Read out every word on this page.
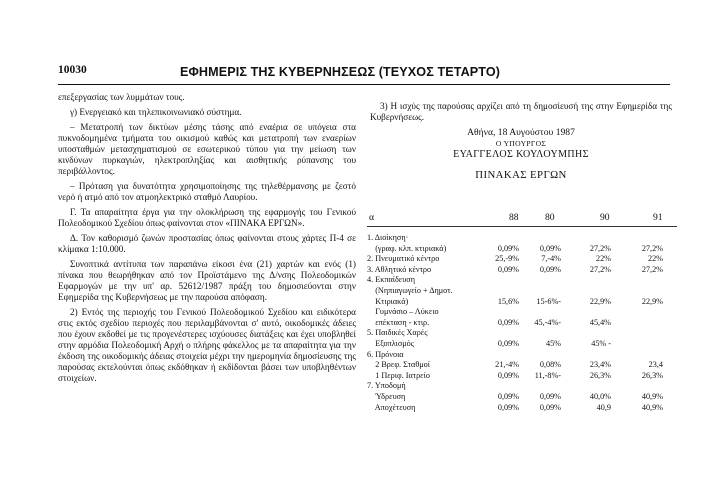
10030	ΕΦΗΜΕΡΙΣ ΤΗΣ ΚΥΒΕΡΝΗΣΕΩΣ (ΤΕΥΧΟΣ ΤΕΤΑΡΤΟ)

επεξεργασίας των λυμμάτων τους.

γ) Ενεργειακό και τηλεπικοινωνιακό σύστημα.

– Μετατροπή των δικτύων μέσης τάσης από εναέρια σε υπόγεια στα πυκνοδομημένα τμήματα του οικισμού καθώς και μετατροπή των εναερίων υποσταθμών μετασχηματισμού σε εσωτερικού τύπου για την μείωση των κινδύνων πυρκαγιών, ηλεκτροπληξίας και αισθητικής ρύπανσης του περιβάλλοντος.

– Πρόταση για δυνατότητα χρησιμοποίησης της τηλεθέρμανσης με ζεστό νερό ή ατμό από τον ατμοηλεκτρικό σταθμό Λαυρίου.

Γ. Τα απαραίτητα έργα για την ολοκλήρωση της εφαρμογής του Γενικού Πολεοδομικού Σχεδίου όπως φαίνονται στον «ΠΙΝΑΚΑ ΕΡΓΩΝ».

Δ. Τον καθορισμό ζωνών προστασίας όπως φαίνονται στους χάρτες Π-4 σε κλίμακα 1:10.000.

Συνοπτικά αντίτυπα των παραπάνω είκοσι ένα (21) χαρτών και ενός (1) πίνακα που θεωρήθηκαν από τον Προϊστάμενο της Δ/νσης Πολεοδομικών Εφαρμογών με την υπ' αρ. 52612/1987 πράξη του δημοσιεύονται στην Εφημερίδα της Κυβερνήσεως με την παρούσα απόφαση.

2) Εντός της περιοχής του Γενικού Πολεοδομικού Σχεδίου και ειδικότερα στις εκτός σχεδίου περιοχές που περιλαμβάνονται σ' αυτό, οικοδομικές άδειες που έχουν εκδοθεί με τις προγενέστερες ισχύουσες διατάξεις και έχει υποβληθεί στην αρμόδια Πολεοδομική Αρχή ο πλήρης φάκελλος με τα απαραίτητα για την έκδοση της οικοδομικής άδειας στοιχεία μέχρι την ημερομηνία δημοσίευσης της παρούσας εκτελούνται όπως εκδόθηκαν ή εκδίδονται βάσει των υποβληθέντων στοιχείων.

3) Η ισχύς της παρούσας αρχίζει από τη δημοσίευσή της στην Εφημερίδα της Κυβερνήσεως.

Αθήνα, 18 Αυγούστου 1987

Ο ΥΠΟΥΡΓΟΣ

ΕΥΑΓΓΕΛΟΣ ΚΟΥΛΟΥΜΠΗΣ

ΠΙΝΑΚΑΣ ΕΡΓΩΝ

α	88	80	90	91
1. Διοίκηση·
(γραφ. κλπ. κτιριακά)	0,09%	0,09%	27,2%	27,2%
2. Πνευματικό κέντρο	25,-9%	7,-4%	22%	22%
3. Αθλητικό κέντρο	0,09%	0,09%	27,2%	27,2%
4. Εκπαίδευση
(Νηπιαγωγείο + Δημοτ.
Κτιριακά)	15,6%	15-6%-	22,9%	22,9%
Γυμνάσιο – Λύκειο
επέκταση - κτιρ.	0,09%	45,-4%-	45,4%
5. Παιδικές Χαρές
Εξοπλισμός	0,09%	45%	45% -
6. Πρόνοια
2 Βρεφ. Σταθμοί	21,-4%	0,08%	23,4%	23,4
1 Περιφ. Ιατρείο	0,09%	11,-8%-	26,3%	26,3%
7. Υποδομή
Ύδρευση	0,09%	0,09%	40,0%	40,9%
Αποχέτευση	0,09%	0,09%	40,9	40,9%
